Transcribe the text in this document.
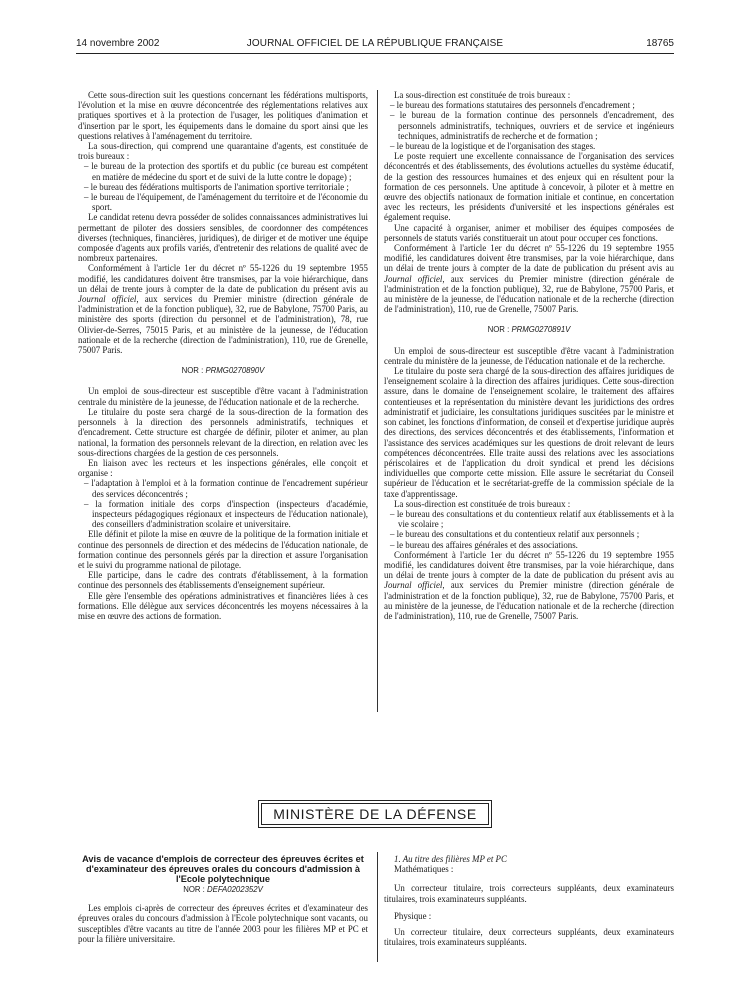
14 novembre 2002	JOURNAL OFFICIEL DE LA RÉPUBLIQUE FRANÇAISE	18765

Cette sous-direction suit les questions concernant les fédérations multisports, l'évolution et la mise en œuvre déconcentrée des réglementations relatives aux pratiques sportives et à la protection de l'usager, les politiques d'animation et d'insertion par le sport, les équipements dans le domaine du sport ainsi que les questions relatives à l'aménagement du territoire.

La sous-direction, qui comprend une quarantaine d'agents, est constituée de trois bureaux :

– le bureau de la protection des sportifs et du public (ce bureau est compétent en matière de médecine du sport et de suivi de la lutte contre le dopage) ;
– le bureau des fédérations multisports de l'animation sportive territoriale ;
– le bureau de l'équipement, de l'aménagement du territoire et de l'économie du sport.

Le candidat retenu devra posséder de solides connaissances administratives lui permettant de piloter des dossiers sensibles, de coordonner des compétences diverses (techniques, financières, juridiques), de diriger et de motiver une équipe composée d'agents aux profils variés, d'entretenir des relations de qualité avec de nombreux partenaires.

Conformément à l'article 1er du décret nº 55-1226 du 19 septembre 1955 modifié, les candidatures doivent être transmises, par la voie hiérarchique, dans un délai de trente jours à compter de la date de publication du présent avis au Journal officiel, aux services du Premier ministre (direction générale de l'administration et de la fonction publique), 32, rue de Babylone, 75700 Paris, au ministère des sports (direction du personnel et de l'administration), 78, rue Olivier-de-Serres, 75015 Paris, et au ministère de la jeunesse, de l'éducation nationale et de la recherche (direction de l'administration), 110, rue de Grenelle, 75007 Paris.

NOR : PRMG0270890V

Un emploi de sous-directeur est susceptible d'être vacant à l'administration centrale du ministère de la jeunesse, de l'éducation nationale et de la recherche.

Le titulaire du poste sera chargé de la sous-direction de la formation des personnels à la direction des personnels administratifs, techniques et d'encadrement. Cette structure est chargée de définir, piloter et animer, au plan national, la formation des personnels relevant de la direction, en relation avec les sous-directions chargées de la gestion de ces personnels.

En liaison avec les recteurs et les inspections générales, elle conçoit et organise :

– l'adaptation à l'emploi et à la formation continue de l'encadrement supérieur des services déconcentrés ;
– la formation initiale des corps d'inspection (inspecteurs d'académie, inspecteurs pédagogiques régionaux et inspecteurs de l'éducation nationale), des conseillers d'administration scolaire et universitaire.

Elle définit et pilote la mise en œuvre de la politique de la formation initiale et continue des personnels de direction et des médecins de l'éducation nationale, de formation continue des personnels gérés par la direction et assure l'organisation et le suivi du programme national de pilotage.

Elle participe, dans le cadre des contrats d'établissement, à la formation continue des personnels des établissements d'enseignement supérieur.

Elle gère l'ensemble des opérations administratives et financières liées à ces formations. Elle délègue aux services déconcentrés les moyens nécessaires à la mise en œuvre des actions de formation.

La sous-direction est constituée de trois bureaux :

– le bureau des formations statutaires des personnels d'encadrement ;
– le bureau de la formation continue des personnels d'encadrement, des personnels administratifs, techniques, ouvriers et de service et ingénieurs techniques, administratifs de recherche et de formation ;
– le bureau de la logistique et de l'organisation des stages.

Le poste requiert une excellente connaissance de l'organisation des services déconcentrés et des établissements, des évolutions actuelles du système éducatif, de la gestion des ressources humaines et des enjeux qui en résultent pour la formation de ces personnels. Une aptitude à concevoir, à piloter et à mettre en œuvre des objectifs nationaux de formation initiale et continue, en concertation avec les recteurs, les présidents d'université et les inspections générales est également requise.

Une capacité à organiser, animer et mobiliser des équipes composées de personnels de statuts variés constituerait un atout pour occuper ces fonctions.

Conformément à l'article 1er du décret nº 55-1226 du 19 septembre 1955 modifié, les candidatures doivent être transmises, par la voie hiérarchique, dans un délai de trente jours à compter de la date de publication du présent avis au Journal officiel, aux services du Premier ministre (direction générale de l'administration et de la fonction publique), 32, rue de Babylone, 75700 Paris, et au ministère de la jeunesse, de l'éducation nationale et de la recherche (direction de l'administration), 110, rue de Grenelle, 75007 Paris.

NOR : PRMG0270891V

Un emploi de sous-directeur est susceptible d'être vacant à l'administration centrale du ministère de la jeunesse, de l'éducation nationale et de la recherche.

Le titulaire du poste sera chargé de la sous-direction des affaires juridiques de l'enseignement scolaire à la direction des affaires juridiques. Cette sous-direction assure, dans le domaine de l'enseignement scolaire, le traitement des affaires contentieuses et la représentation du ministère devant les juridictions des ordres administratif et judiciaire, les consultations juridiques suscitées par le ministre et son cabinet, les fonctions d'information, de conseil et d'expertise juridique auprès des directions, des services déconcentrés et des établissements, l'information et l'assistance des services académiques sur les questions de droit relevant de leurs compétences déconcentrées. Elle traite aussi des relations avec les associations périscolaires et de l'application du droit syndical et prend les décisions individuelles que comporte cette mission. Elle assure le secrétariat du Conseil supérieur de l'éducation et le secrétariat-greffe de la commission spéciale de la taxe d'apprentissage.

La sous-direction est constituée de trois bureaux :

– le bureau des consultations et du contentieux relatif aux établissements et à la vie scolaire ;
– le bureau des consultations et du contentieux relatif aux personnels ;
– le bureau des affaires générales et des associations.

Conformément à l'article 1er du décret nº 55-1226 du 19 septembre 1955 modifié, les candidatures doivent être transmises, par la voie hiérarchique, dans un délai de trente jours à compter de la date de publication du présent avis au Journal officiel, aux services du Premier ministre (direction générale de l'administration et de la fonction publique), 32, rue de Babylone, 75700 Paris, et au ministère de la jeunesse, de l'éducation nationale et de la recherche (direction de l'administration), 110, rue de Grenelle, 75007 Paris.

MINISTÈRE DE LA DÉFENSE
Avis de vacance d'emplois de correcteur des épreuves écrites et d'examinateur des épreuves orales du concours d'admission à l'Ecole polytechnique
NOR : DEFA0202352V

Les emplois ci-après de correcteur des épreuves écrites et d'examinateur des épreuves orales du concours d'admission à l'Ecole polytechnique sont vacants, ou susceptibles d'être vacants au titre de l'année 2003 pour les filières MP et PC et pour la filière universitaire.

1. Au titre des filières MP et PC

Mathématiques :

Un correcteur titulaire, trois correcteurs suppléants, deux examinateurs titulaires, trois examinateurs suppléants.

Physique :

Un correcteur titulaire, deux correcteurs suppléants, deux examinateurs titulaires, trois examinateurs suppléants.
